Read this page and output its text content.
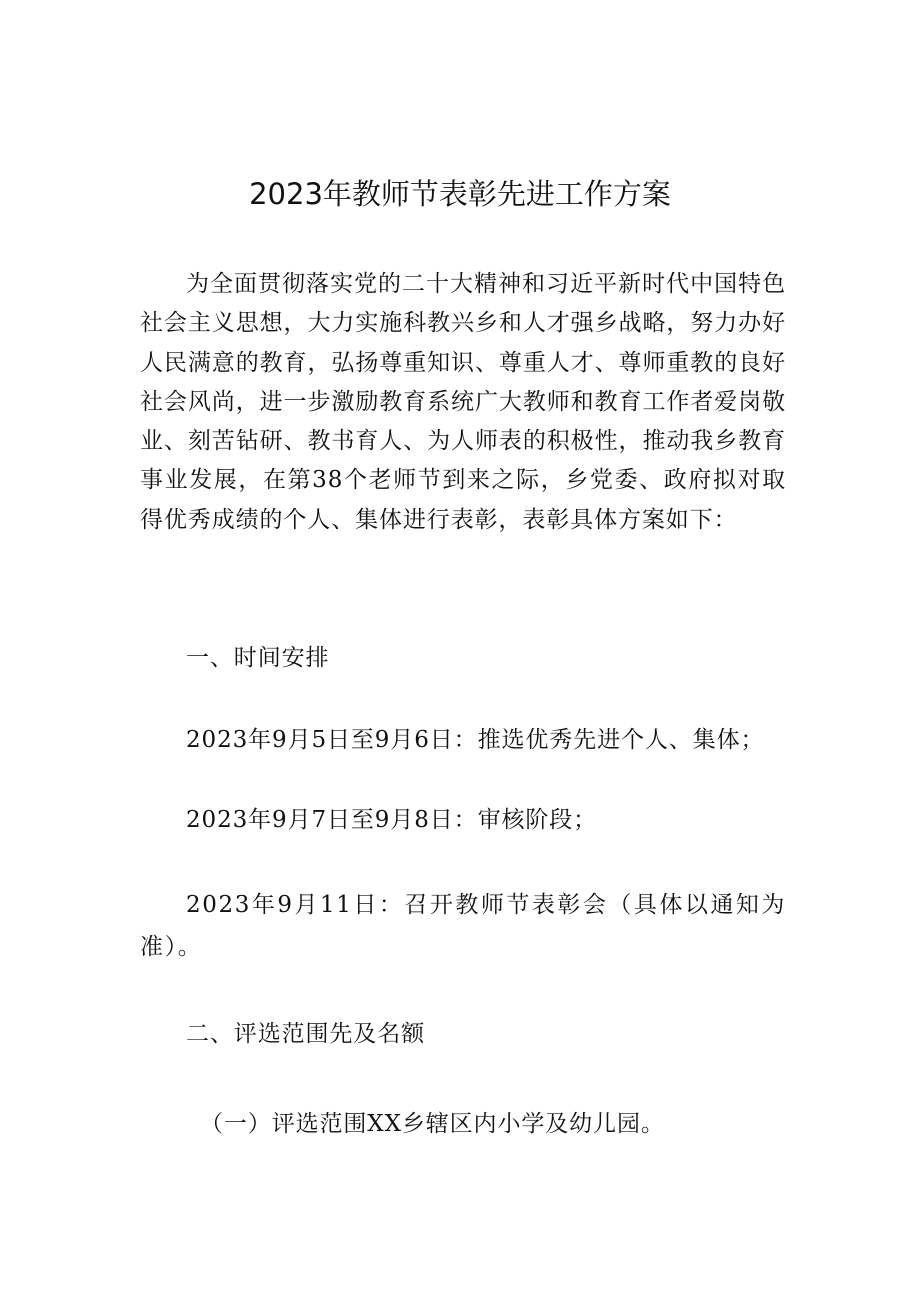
2023年教师节表彰先进工作方案
为全面贯彻落实党的二十大精神和习近平新时代中国特色社会主义思想，大力实施科教兴乡和人才强乡战略，努力办好人民满意的教育，弘扬尊重知识、尊重人才、尊师重教的良好社会风尚，进一步激励教育系统广大教师和教育工作者爱岗敬业、刻苦钻研、教书育人、为人师表的积极性，推动我乡教育事业发展，在第38个老师节到来之际，乡党委、政府拟对取得优秀成绩的个人、集体进行表彰，表彰具体方案如下：
一、时间安排
2023年9月5日至9月6日：推选优秀先进个人、集体；
2023年9月7日至9月8日：审核阶段；
2023年9月11日：召开教师节表彰会（具体以通知为准）。
二、评选范围先及名额
（一）评选范围XX乡辖区内小学及幼儿园。
